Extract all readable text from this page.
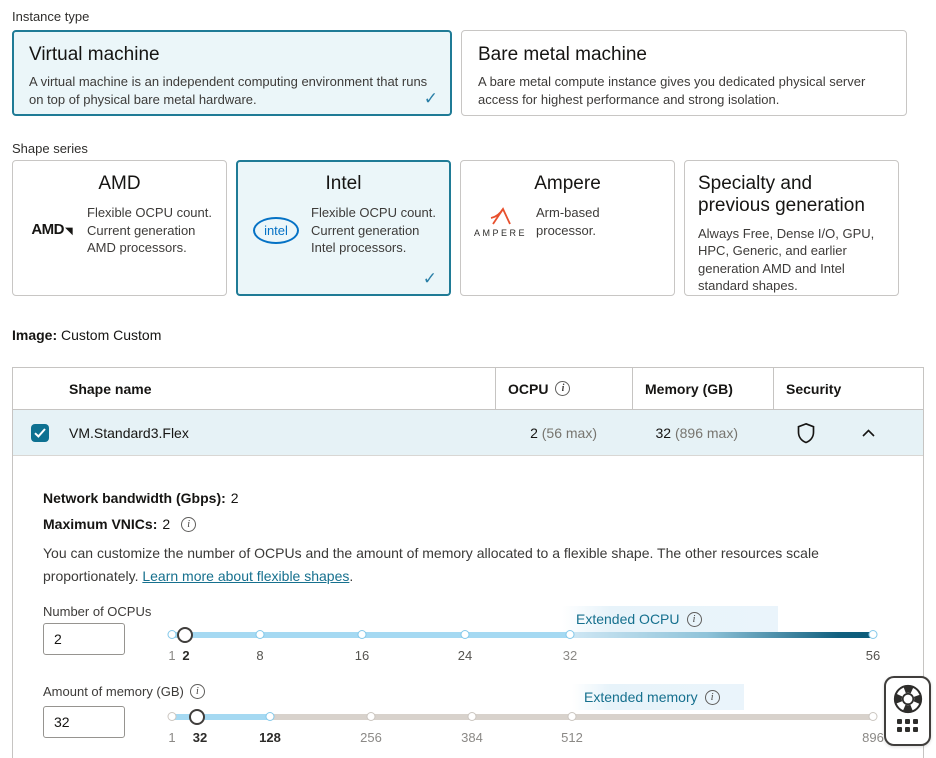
Instance type
Virtual machine
A virtual machine is an independent computing environment that runs on top of physical bare metal hardware.
✓
Bare metal machine
A bare metal compute instance gives you dedicated physical server access for highest performance and strong isolation.
Shape series
AMD
AMD◥
Flexible OCPU count. Current generation AMD processors.
Intel
intel
Flexible OCPU count. Current generation Intel processors.
✓
Ampere
AMPERE
Arm-based processor.
Specialty and previous generation
Always Free, Dense I/O, GPU, HPC, Generic, and earlier generation AMD and Intel standard shapes.
Image: Custom Custom
Shape name	OCPU i	Memory (GB)	Security
VM.Standard3.Flex	2 (56 max)	32 (896 max)
Network bandwidth (Gbps): 2
Maximum VNICs: 2
i
You can customize the number of OCPUs and the amount of memory allocated to a flexible shape. The other resources scale proportionately. Learn more about flexible shapes.
Number of OCPUs
2	Extended OCPU
i
1 2	8	16	24	32	56
Amount of memory (GB) i
32	Extended memory
i
1 32	128	256	384	512	896
